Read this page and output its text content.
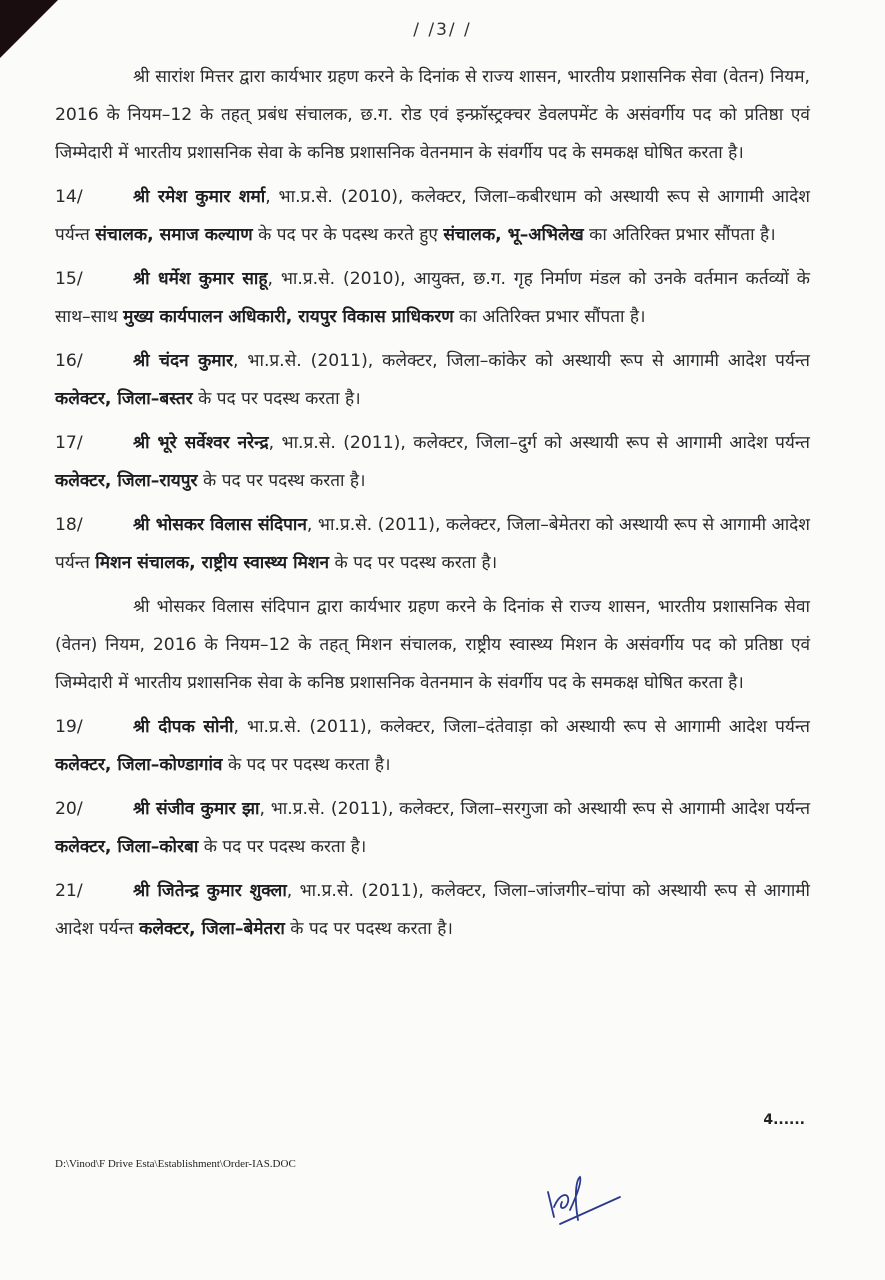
/ /3/ /

श्री सारांश मित्तर द्वारा कार्यभार ग्रहण करने के दिनांक से राज्य शासन, भारतीय प्रशासनिक सेवा (वेतन) नियम, 2016 के नियम–12 के तहत् प्रबंध संचालक, छ.ग. रोड एवं इन्फ्रॉस्ट्रक्चर डेवलपमेंट के असंवर्गीय पद को प्रतिष्ठा एवं जिम्मेदारी में भारतीय प्रशासनिक सेवा के कनिष्ठ प्रशासनिक वेतनमान के संवर्गीय पद के समकक्ष घोषित करता है।

14/	श्री रमेश कुमार शर्मा, भा.प्र.से. (2010), कलेक्टर, जिला–कबीरधाम को अस्थायी रूप से आगामी आदेश पर्यन्त संचालक, समाज कल्याण के पद पर के पदस्थ करते हुए संचालक, भू–अभिलेख का अतिरिक्त प्रभार सौंपता है।

15/	श्री धर्मेश कुमार साहू, भा.प्र.से. (2010), आयुक्त, छ.ग. गृह निर्माण मंडल को उनके वर्तमान कर्तव्यों के साथ–साथ मुख्य कार्यपालन अधिकारी, रायपुर विकास प्राधिकरण का अतिरिक्त प्रभार सौंपता है।

16/	श्री चंदन कुमार, भा.प्र.से. (2011), कलेक्टर, जिला–कांकेर को अस्थायी रूप से आगामी आदेश पर्यन्त कलेक्टर, जिला–बस्तर के पद पर पदस्थ करता है।

17/	श्री भूरे सर्वेश्वर नरेन्द्र, भा.प्र.से. (2011), कलेक्टर, जिला–दुर्ग को अस्थायी रूप से आगामी आदेश पर्यन्त कलेक्टर, जिला–रायपुर के पद पर पदस्थ करता है।

18/	श्री भोसकर विलास संदिपान, भा.प्र.से. (2011), कलेक्टर, जिला–बेमेतरा को अस्थायी रूप से आगामी आदेश पर्यन्त मिशन संचालक, राष्ट्रीय स्वास्थ्य मिशन के पद पर पदस्थ करता है।

श्री भोसकर विलास संदिपान द्वारा कार्यभार ग्रहण करने के दिनांक से राज्य शासन, भारतीय प्रशासनिक सेवा (वेतन) नियम, 2016 के नियम–12 के तहत् मिशन संचालक, राष्ट्रीय स्वास्थ्य मिशन के असंवर्गीय पद को प्रतिष्ठा एवं जिम्मेदारी में भारतीय प्रशासनिक सेवा के कनिष्ठ प्रशासनिक वेतनमान के संवर्गीय पद के समकक्ष घोषित करता है।

19/	श्री दीपक सोनी, भा.प्र.से. (2011), कलेक्टर, जिला–दंतेवाड़ा को अस्थायी रूप से आगामी आदेश पर्यन्त कलेक्टर, जिला–कोण्डागांव के पद पर पदस्थ करता है।

20/	श्री संजीव कुमार झा, भा.प्र.से. (2011), कलेक्टर, जिला–सरगुजा को अस्थायी रूप से आगामी आदेश पर्यन्त कलेक्टर, जिला–कोरबा के पद पर पदस्थ करता है।

21/	श्री जितेन्द्र कुमार शुक्ला, भा.प्र.से. (2011), कलेक्टर, जिला–जांजगीर–चांपा को अस्थायी रूप से आगामी आदेश पर्यन्त कलेक्टर, जिला–बेमेतरा के पद पर पदस्थ करता है।

4......
D:\Vinod\F Drive Esta\Establishment\Order-IAS.DOC
